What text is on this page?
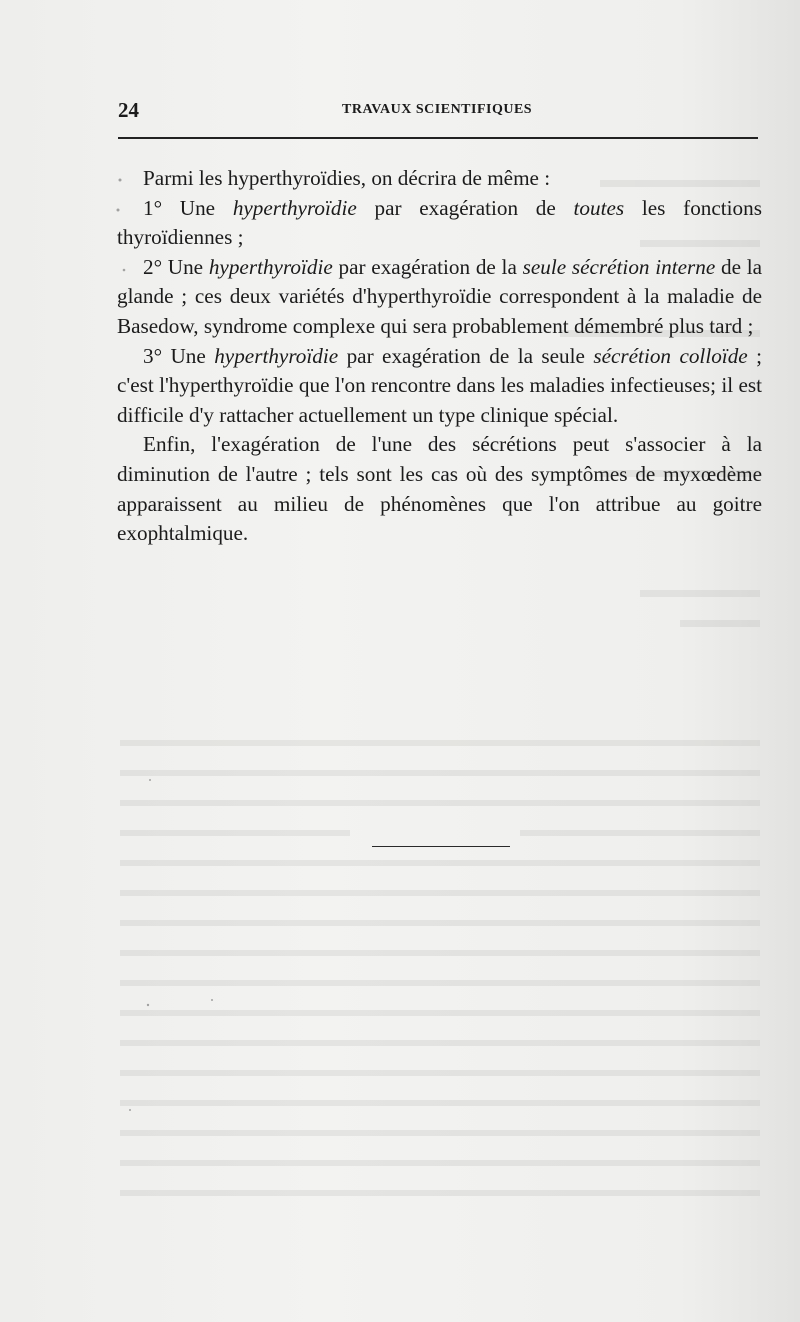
24	TRAVAUX SCIENTIFIQUES

Parmi les hyperthyroïdies, on décrira de même :

1° Une hyperthyroïdie par exagération de toutes les fonctions thyroïdiennes ;

2° Une hyperthyroïdie par exagération de la seule sécrétion interne de la glande ; ces deux variétés d'hyperthyroïdie correspondent à la maladie de Basedow, syndrome complexe qui sera probablement démembré plus tard ;

3° Une hyperthyroïdie par exagération de la seule sécrétion colloïde ; c'est l'hyperthyroïdie que l'on rencontre dans les maladies infectieuses; il est difficile d'y rattacher actuellement un type clinique spécial.

Enfin, l'exagération de l'une des sécrétions peut s'associer à la diminution de l'autre ; tels sont les cas où des symptômes de myxœdème apparaissent au milieu de phénomènes que l'on attribue au goitre exophtalmique.
